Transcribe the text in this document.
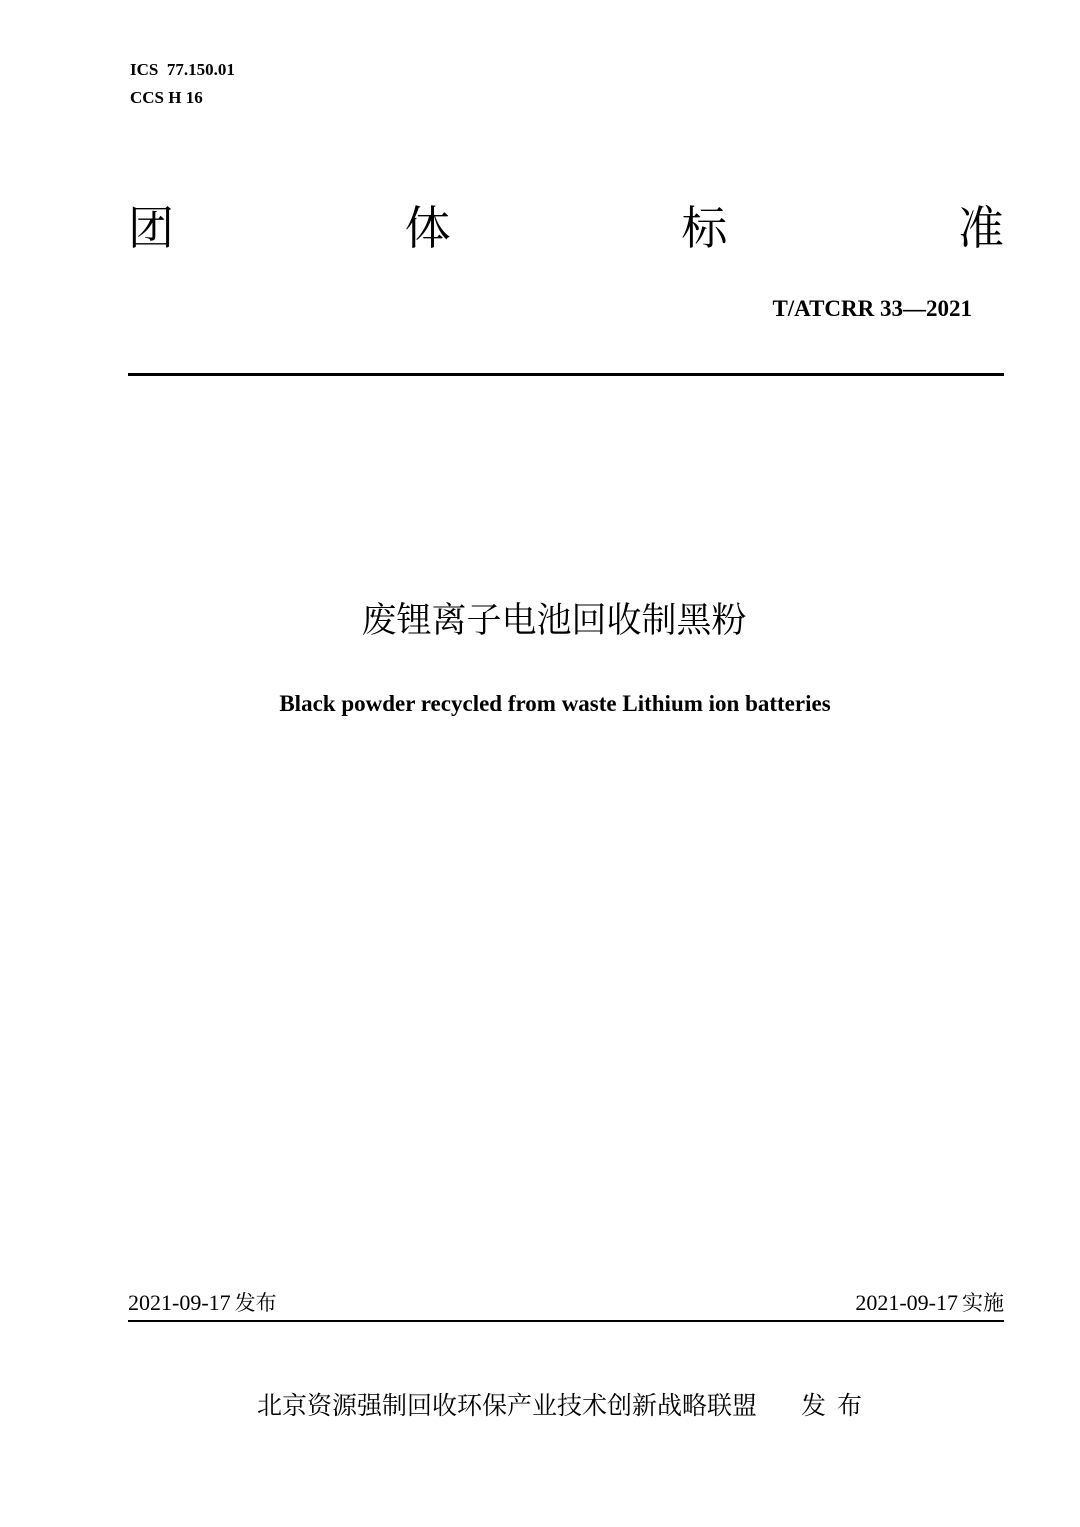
ICS  77.150.01
CCS H 16
团	体	标	准
T/ATCRR 33—2021
废锂离子电池回收制黑粉
Black powder recycled from waste Lithium ion batteries
2021-09-17 发布	2021-09-17 实施
北京资源强制回收环保产业技术创新战略联盟 发布
